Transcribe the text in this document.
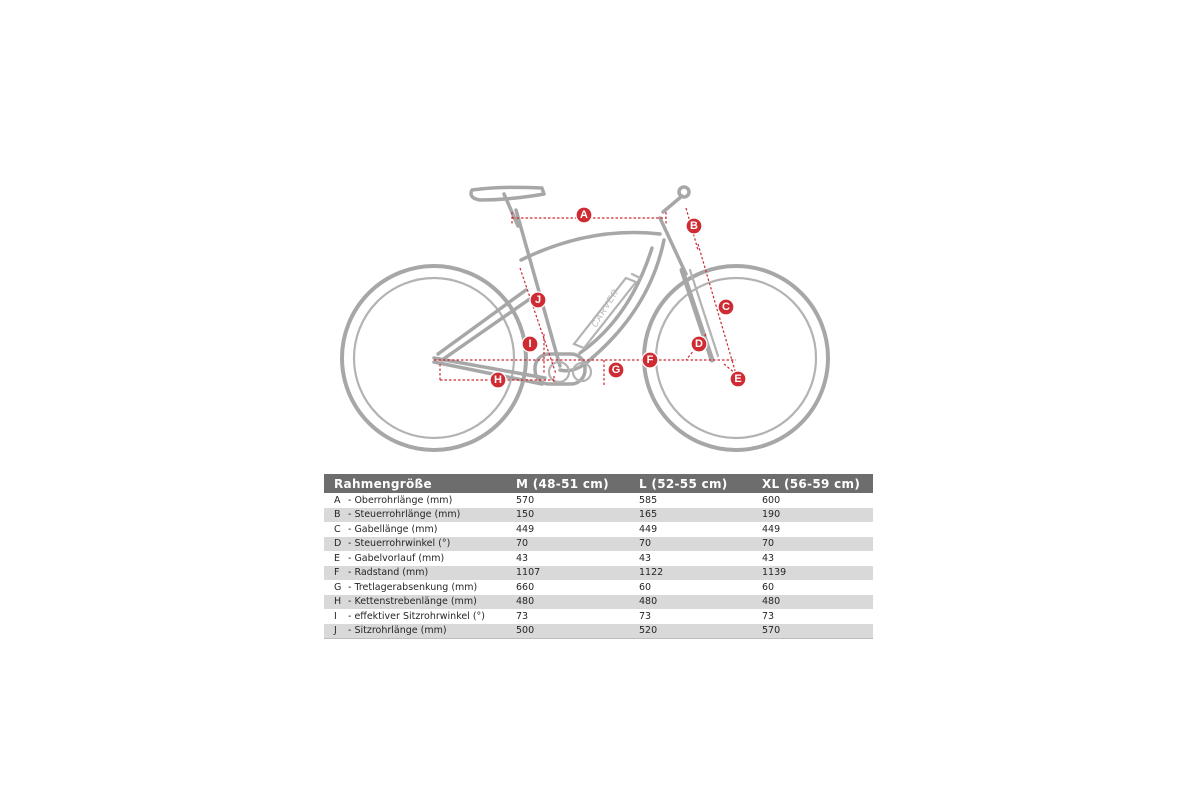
CARVER
A
B
C
D
E
F
G
H
I
J
Rahmengröße	M (48-51 cm)	L (52-55 cm)	XL (56-59 cm)
A - Oberrohrlänge (mm)	570	585	600
B - Steuerrohrlänge (mm)	150	165	190
C - Gabellänge (mm)	449	449	449
D - Steuerrohrwinkel (°)	70	70	70
E - Gabelvorlauf (mm)	43	43	43
F - Radstand (mm)	1107	1122	1139
G - Tretlagerabsenkung (mm)	660	60	60
H - Kettenstrebenlänge (mm)	480	480	480
I - effektiver Sitzrohrwinkel (°)	73	73	73
J - Sitzrohrlänge (mm)	500	520	570
